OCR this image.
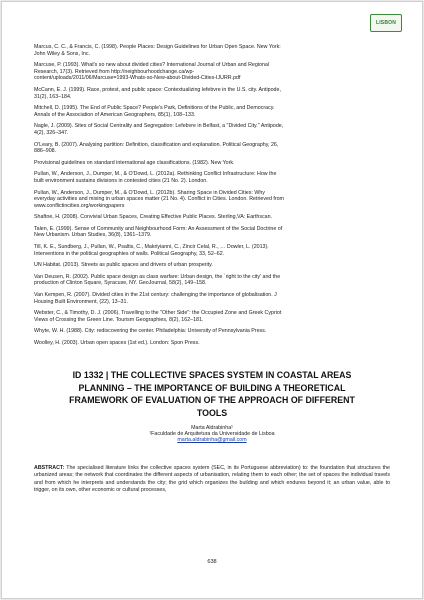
LISBON

Marcus, C. C., & Francis, C. (1998). People Places: Design Guidelines for Urban Open Space. New York:
John Wiley & Sons, Inc.

Marcuse, P. (1993). What's so new about divided cities? International Journal of Urban and Regional
Research, 17(3). Retrieved from http://neighbourhoodchange.ca/wp-
content/uploads/2011/06/Marcuse=1993-Whats-so-New-about-Divided-Cities-IJURR.pdf

McCann, E. J. (1999). Race, protest, and public space: Contextualizing lefebvre in the U.S. city. Antipode,
31(2), 163–184.

Mitchell, D. (1995). The End of Public Space? People's Park, Definitions of the Public, and Democracy.
Annals of the Association of American Geographers, 85(1), 108–133.

Nagle, J. (2009). Sites of Social Centrality and Segregation: Lefebvre in Belfast, a "Divided City." Antipode,
4(2), 326–347.

O'Leary, B. (2007). Analysing partition: Definition, classification and explanation. Political Geography, 26,
886–908.

Provisional guidelines on standard international age classifications. (1982). New York.

Pullan, W., Anderson, J., Dumper, M., & O'Dowd, L. (2012a). Rethinking Conflict Infrastructure: How the
built environment sustains divisions in contested cities (21 No. 2). London.

Pullan, W., Anderson, J., Dumper, M., & O'Dowd, L. (2012b). Sharing Space in Divided Cities: Why
everyday activities and mixing in urban spaces matter (21 No. 4). Conflict in Cities. London. Retrieved from
www.conflictincities.org/workingpapers

Shaftoe, H. (2008). Convivial Urban Spaces, Creating Effective Public Places. Sterling,VA: Earthscan.

Talen, E. (1999). Sense of Community and Neighbourhood Form: An Assessment of the Social Doctrine of
New Urbanism. Urban Studies, 36(8), 1361–1379.

Till, K. E., Sundberg, J., Pullan, W., Psaltis, C., Makriyianni, C., Zincir Celal, R., … Dowler, L. (2013).
Interventions in the political geographies of walls. Political Geography, 33, 52–62.

UN Habitat. (2013). Streets as public spaces and drivers of urban prosperity.

Van Deusen, R. (2002). Public space design as class warfare: Urban design, the `right to the city' and the
production of Clinton Square, Syracuse, NY. GeoJournal, 58(2), 149–158.

Van Kempen, R. (2007). Divided cities in the 21st century: challenging the importance of globalisation. J
Housing Built Environment, (22), 13–31.

Webster, C., & Timothy, D. J. (2006). Travelling to the "Other Side": the Occupied Zone and Greek Cypriot
Views of Crossing the Green Line. Tourism Geographies, 8(2), 162–181.

Whyte, W. H. (1988). City: rediscovering the center. Philadelphia: University of Pennsylvania Press.

Woolley, H. (2003). Urban open spaces (1st ed.). London: Spon Press.

ID 1332 | THE COLLECTIVE SPACES SYSTEM IN COASTAL AREAS
PLANNING – THE IMPORTANCE OF BUILDING A THEORETICAL
FRAMEWORK OF EVALUATION OF THE APPROACH OF DIFFERENT
TOOLS
Marta Aldrabinha¹
¹Faculdade de Arquitetura da Universidade de Lisboa
marta.aldrabinha@gmail.com
ABSTRACT: The specialised literature links the collective spaces system (SEC, in its Portuguese abbreviation) to: the foundation that structures the urbanized areas; the network that coordinates the different aspects of urbanisation, relating them to each other; the set of spaces the individual travels and from which he interprets and understands the city; the grid which organizes the building and which endures beyond it; an urban value, able to trigger, on its own, other economic or cultural processes,
638
